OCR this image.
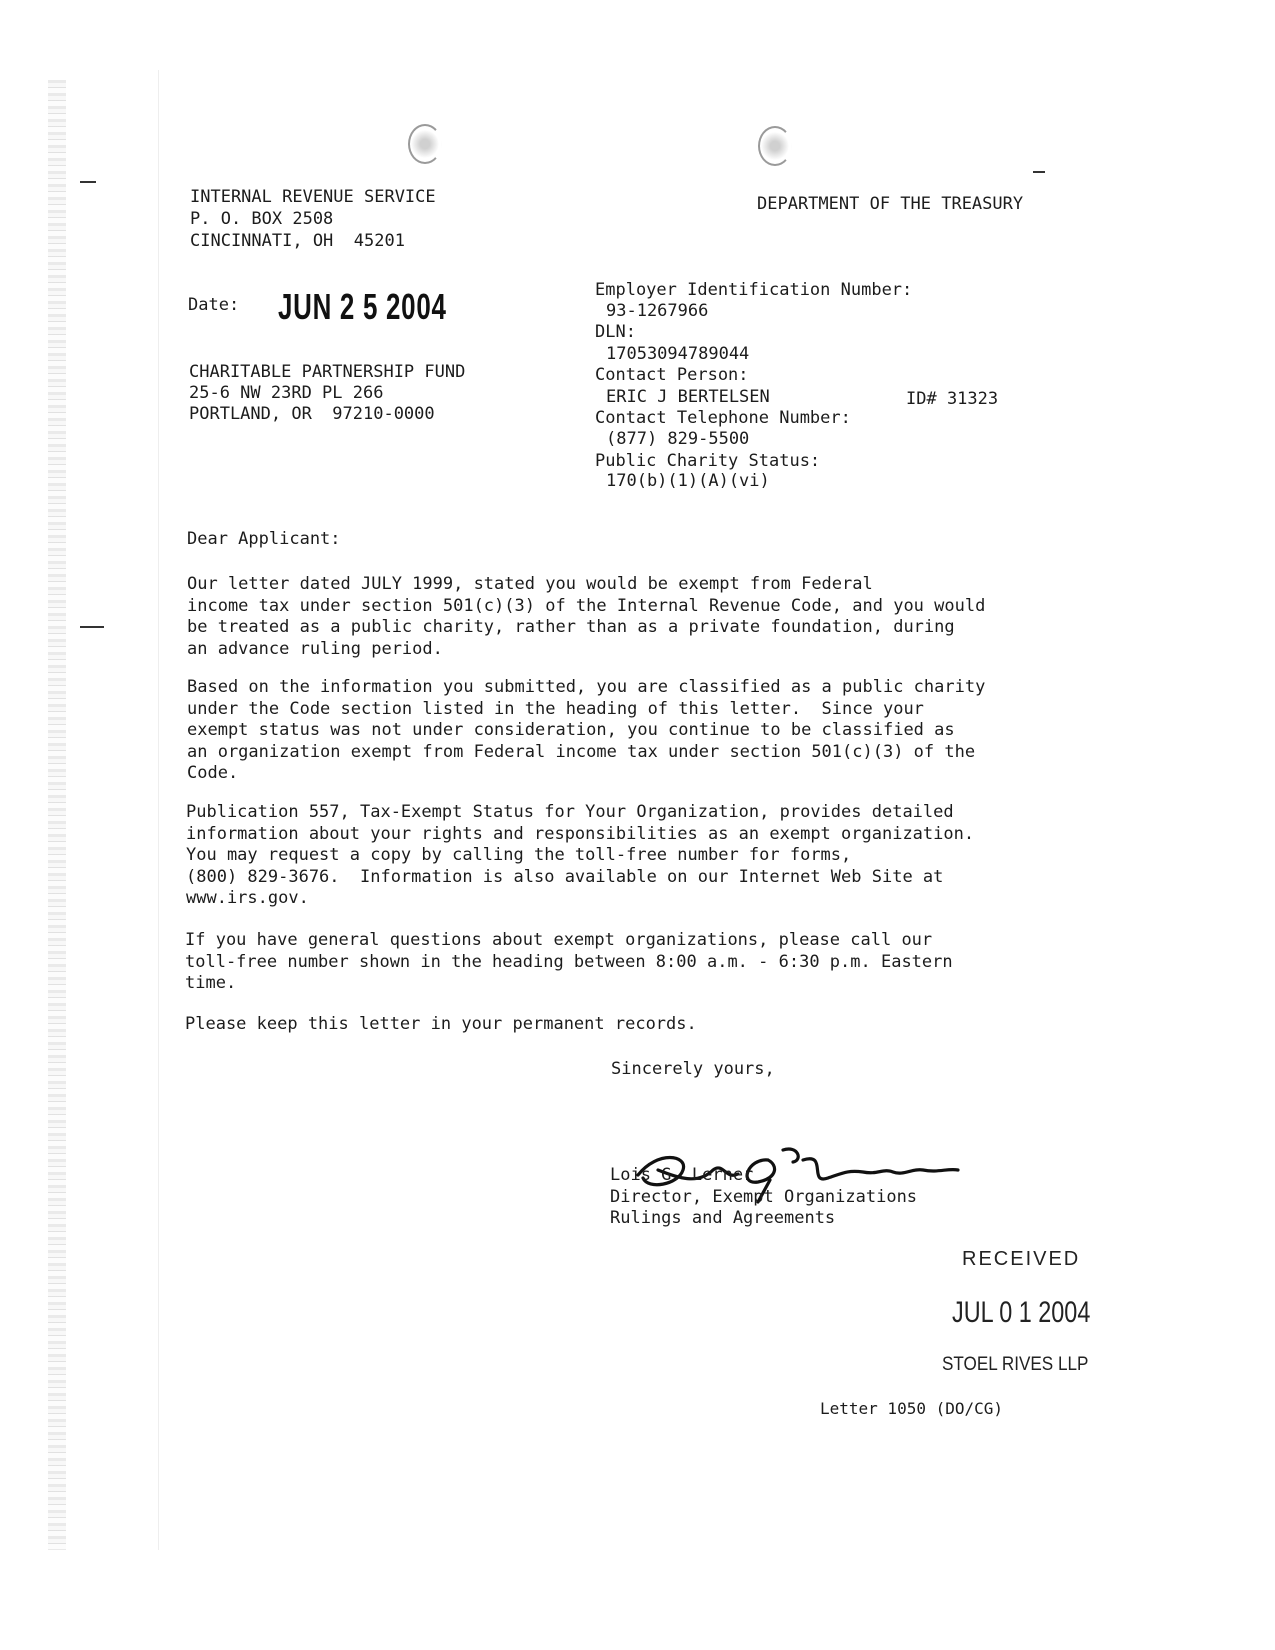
INTERNAL REVENUE SERVICE

P. O. BOX 2508

CINCINNATI, OH  45201

DEPARTMENT OF THE TREASURY

Date: JUN 2 5 2004

CHARITABLE PARTNERSHIP FUND

25-6 NW 23RD PL 266

PORTLAND, OR  97210-0000

Employer Identification Number:

93-1267966

DLN:

17053094789044

Contact Person:

ERIC J BERTELSEN	ID# 31323

Contact Telephone Number:

(877) 829-5500

Public Charity Status:

170(b)(1)(A)(vi)

Dear Applicant:

Our letter dated JULY 1999, stated you would be exempt from Federal
income tax under section 501(c)(3) of the Internal Revenue Code, and you would
be treated as a public charity, rather than as a private foundation, during
an advance ruling period.

Based on the information you submitted, you are classified as a public charity
under the Code section listed in the heading of this letter.  Since your
exempt status was not under consideration, you continue to be classified as
an organization exempt from Federal income tax under section 501(c)(3) of the
Code.

Publication 557, Tax-Exempt Status for Your Organization, provides detailed
information about your rights and responsibilities as an exempt organization.
You may request a copy by calling the toll-free number for forms,
(800) 829-3676.  Information is also available on our Internet Web Site at
www.irs.gov.

If you have general questions about exempt organizations, please call our
toll-free number shown in the heading between 8:00 a.m. - 6:30 p.m. Eastern
time.

Please keep this letter in your permanent records.

Sincerely yours,

Lois G. Lerner

Director, Exempt Organizations

Rulings and Agreements

RECEIVED
JUL 0 1 2004
STOEL RIVES LLP

Letter 1050 (DO/CG)
